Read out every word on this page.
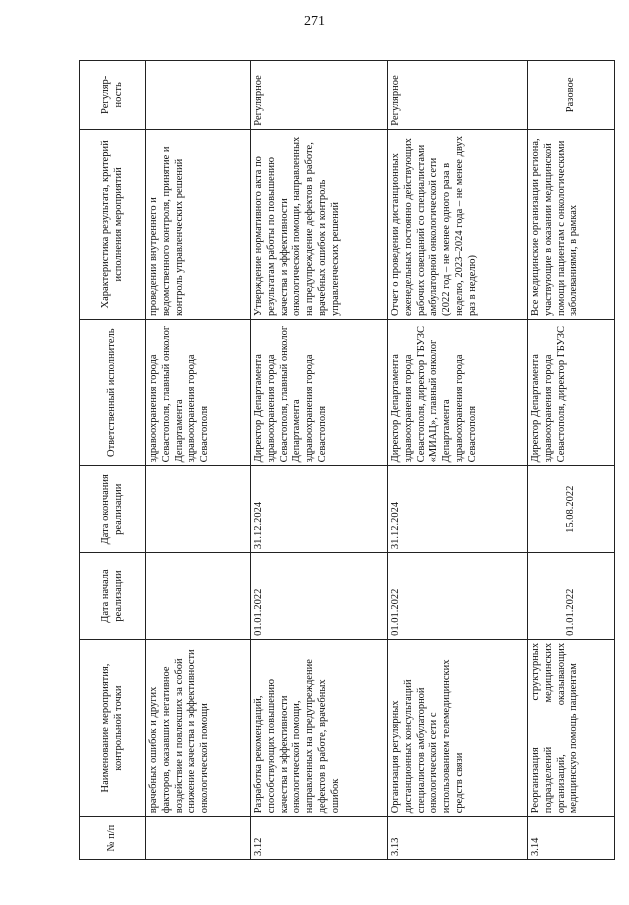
271
№ п/п	Наименование мероприятия, контрольной точки	Дата начала реализации	Дата окончания реализации	Ответственный исполнитель	Характеристика результата, критерий исполнения мероприятий	Регуляр-ность
	врачебных ошибок и других факторов, оказавших негативное воздействие и повлекших за собой снижение качества и эффективности онкологической помощи			здравоохранения города Севастополя, главный онколог Департамента здравоохранения города Севастополя	проведении внутреннего и ведомственного контроля, принятие и контроль управленческих решений	
3.12	Разработка рекомендаций, способствующих повышению качества и эффективности онкологической помощи, направленных на предупреждение дефектов в работе, врачебных ошибок	01.01.2022	31.12.2024	Директор Департамента здравоохранения города Севастополя, главный онколог Департамента здравоохранения города Севастополя	Утверждение нормативного акта по результатам работы по повышению качества и эффективности онкологической помощи, направленных на предупреждение дефектов в работе, врачебных ошибок и контроль управленческих решений	Регулярное
3.13	Организация регулярных дистанционных консультаций специалистов амбулаторной онкологической сети с использованием телемедицинских средств связи	01.01.2022	31.12.2024	Директор Департамента здравоохранения города Севастополя, директор ГБУЗС «МИАЦ», главный онколог Департамента здравоохранения города Севастополя	Отчет о проведении дистанционных еженедельных постоянно действующих рабочих совещаний со специалистами амбулаторной онкологической сети (2022 год – не менее одного раза в неделю, 2023–2024 года – не менее двух раз в неделю)	Регулярное
3.14	Реорганизация структурных подразделений медицинских организаций, оказывающих медицинскую помощь пациентам	01.01.2022	15.08.2022	Директор Департамента здравоохранения города Севастополя, директор ГБУЗС	Все медицинские организации региона, участвующие в оказании медицинской помощи пациентам с онкологическими заболеваниями, в рамках	Разовое
